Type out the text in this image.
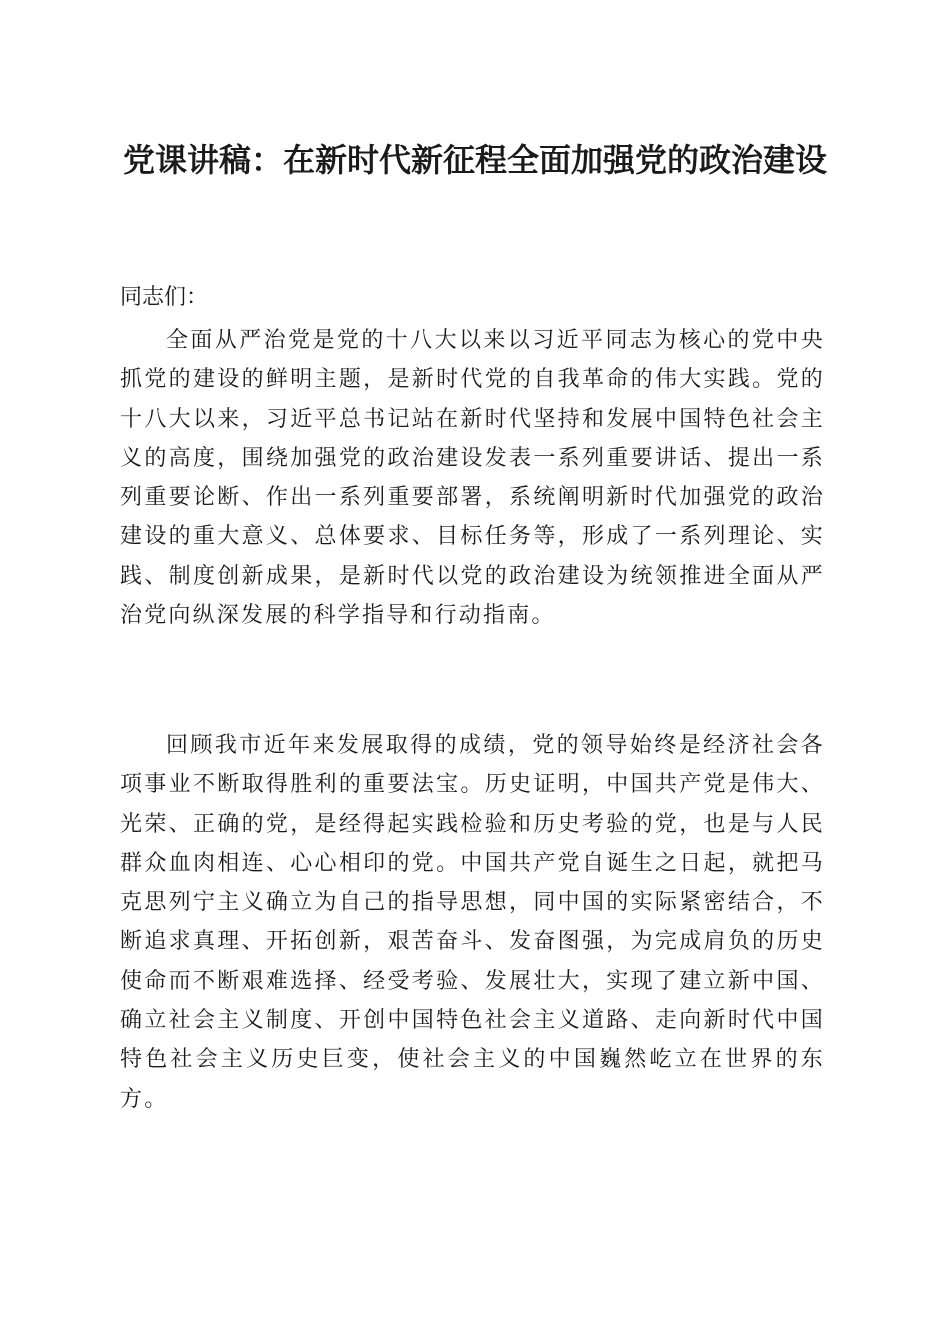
党课讲稿：在新时代新征程全面加强党的政治建设

同志们：

全面从严治党是党的十八大以来以习近平同志为核心的党中央抓党的建设的鲜明主题，是新时代党的自我革命的伟大实践。党的十八大以来，习近平总书记站在新时代坚持和发展中国特色社会主义的高度，围绕加强党的政治建设发表一系列重要讲话、提出一系列重要论断、作出一系列重要部署，系统阐明新时代加强党的政治建设的重大意义、总体要求、目标任务等，形成了一系列理论、实践、制度创新成果，是新时代以党的政治建设为统领推进全面从严治党向纵深发展的科学指导和行动指南。

回顾我市近年来发展取得的成绩，党的领导始终是经济社会各项事业不断取得胜利的重要法宝。历史证明，中国共产党是伟大、光荣、正确的党，是经得起实践检验和历史考验的党，也是与人民群众血肉相连、心心相印的党。中国共产党自诞生之日起，就把马克思列宁主义确立为自己的指导思想，同中国的实际紧密结合，不断追求真理、开拓创新，艰苦奋斗、发奋图强，为完成肩负的历史使命而不断艰难选择、经受考验、发展壮大，实现了建立新中国、确立社会主义制度、开创中国特色社会主义道路、走向新时代中国特色社会主义历史巨变，使社会主义的中国巍然屹立在世界的东方。
